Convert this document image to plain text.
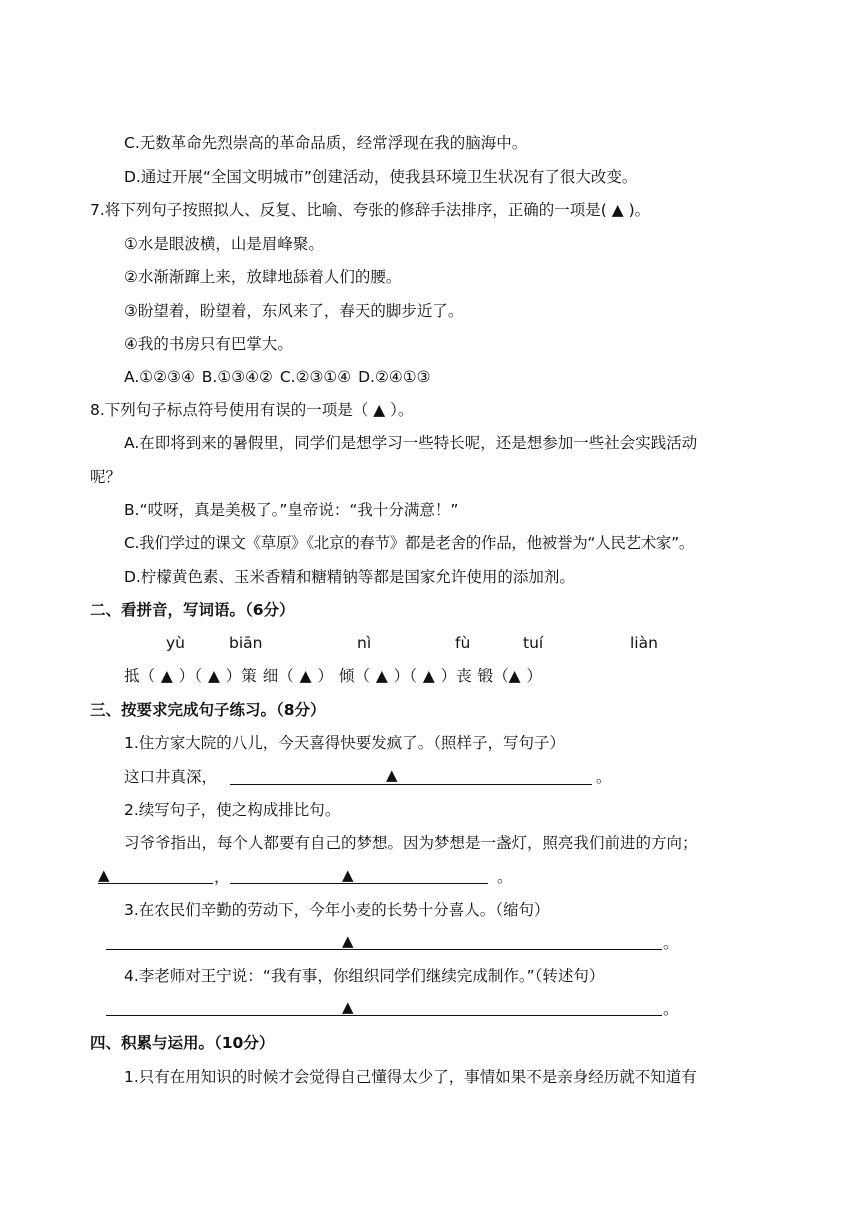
C.无数革命先烈崇高的革命品质，经常浮现在我的脑海中。
D.通过开展“全国文明城市”创建活动，使我县环境卫生状况有了很大改变。
7.将下列句子按照拟人、反复、比喻、夸张的修辞手法排序，正确的一项是( ▲ )。
①水是眼波横，山是眉峰聚。
②水渐渐蹿上来，放肆地舔着人们的腰。
③盼望着，盼望着，东风来了，春天的脚步近了。
④我的书房只有巴掌大。
A.①②③④ B.①③④② C.②③①④ D.②④①③
8.下列句子标点符号使用有误的一项是（ ▲ ）。
A.在即将到来的暑假里，同学们是想学习一些特长呢，还是想参加一些社会实践活动
呢？
B.“哎呀，真是美极了。”皇帝说：“我十分满意！”
C.我们学过的课文《草原》《北京的春节》都是老舍的作品，他被誉为“人民艺术家”。
D.柠檬黄色素、玉米香精和糖精钠等都是国家允许使用的添加剂。
二、看拼音，写词语。（6分）
yù	biān	nì	fù	tuí	liàn
抵（ ▲ ）（ ▲ ）策 细（ ▲ ） 倾（ ▲ ）（ ▲ ）丧 锻（▲ ）
三、按要求完成句子练习。（8分）
1.住方家大院的八儿，今天喜得快要发疯了。（照样子，写句子）
这口井真深，	▲	。
2.续写句子，使之构成排比句。
习爷爷指出，每个人都要有自己的梦想。因为梦想是一盏灯，照亮我们前进的方向；
▲	，	▲	。
3.在农民们辛勤的劳动下，今年小麦的长势十分喜人。（缩句）
▲	。
4.李老师对王宁说：“我有事，你组织同学们继续完成制作。”（转述句）
▲	。
四、积累与运用。（10分）
1.只有在用知识的时候才会觉得自己懂得太少了，事情如果不是亲身经历就不知道有
